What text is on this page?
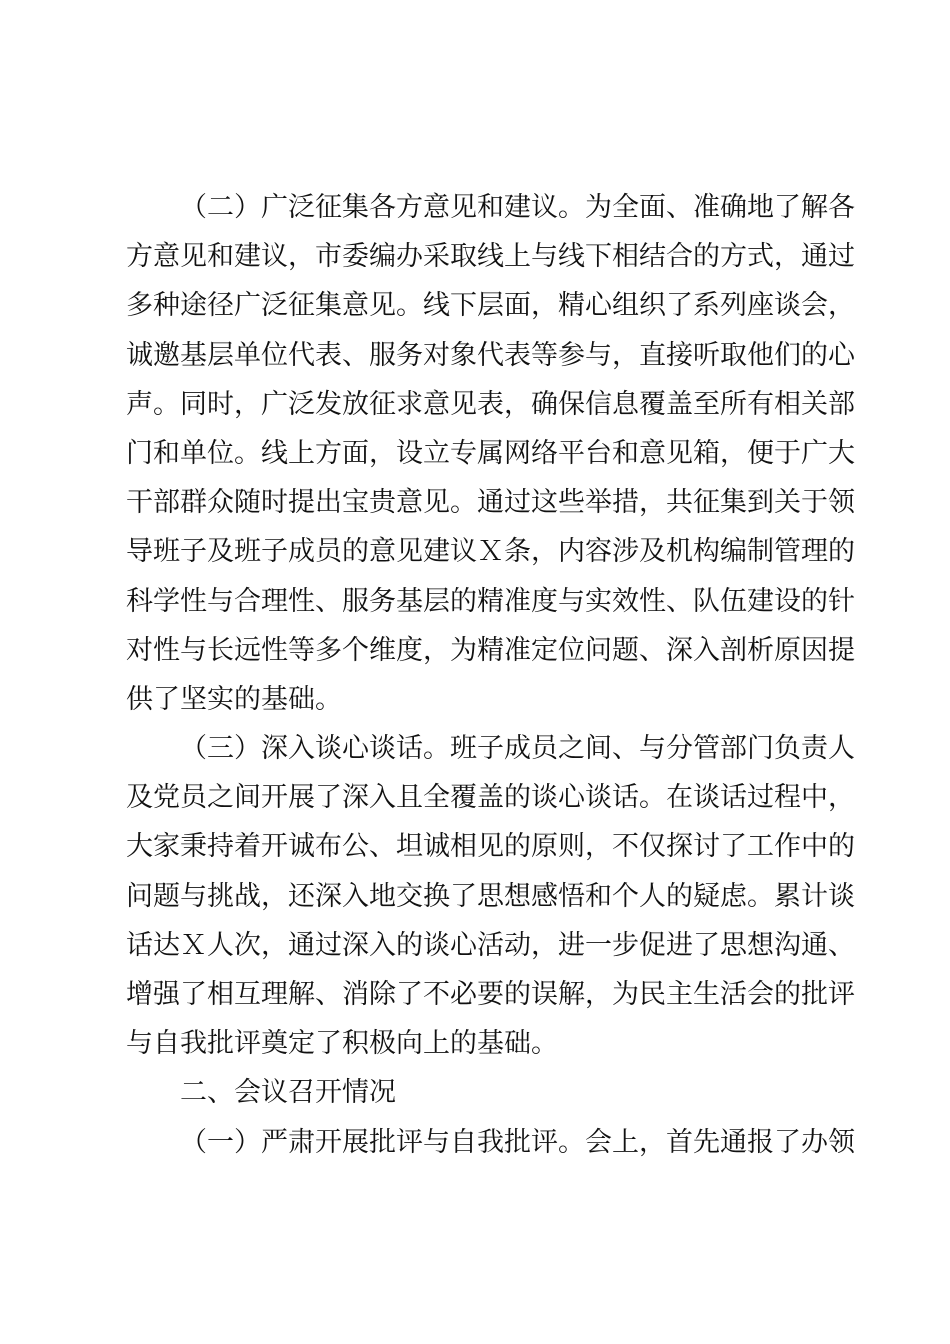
（二）广泛征集各方意见和建议。为全面、准确地了解各
方意见和建议，市委编办采取线上与线下相结合的方式，通过
多种途径广泛征集意见。线下层面，精心组织了系列座谈会，
诚邀基层单位代表、服务对象代表等参与，直接听取他们的心
声。同时，广泛发放征求意见表，确保信息覆盖至所有相关部
门和单位。线上方面，设立专属网络平台和意见箱，便于广大
干部群众随时提出宝贵意见。通过这些举措，共征集到关于领
导班子及班子成员的意见建议Ｘ条，内容涉及机构编制管理的
科学性与合理性、服务基层的精准度与实效性、队伍建设的针
对性与长远性等多个维度，为精准定位问题、深入剖析原因提
供了坚实的基础。
（三）深入谈心谈话。班子成员之间、与分管部门负责人
及党员之间开展了深入且全覆盖的谈心谈话。在谈话过程中，
大家秉持着开诚布公、坦诚相见的原则，不仅探讨了工作中的
问题与挑战，还深入地交换了思想感悟和个人的疑虑。累计谈
话达Ｘ人次，通过深入的谈心活动，进一步促进了思想沟通、
增强了相互理解、消除了不必要的误解，为民主生活会的批评
与自我批评奠定了积极向上的基础。
二、会议召开情况
（一）严肃开展批评与自我批评。会上，首先通报了办领
